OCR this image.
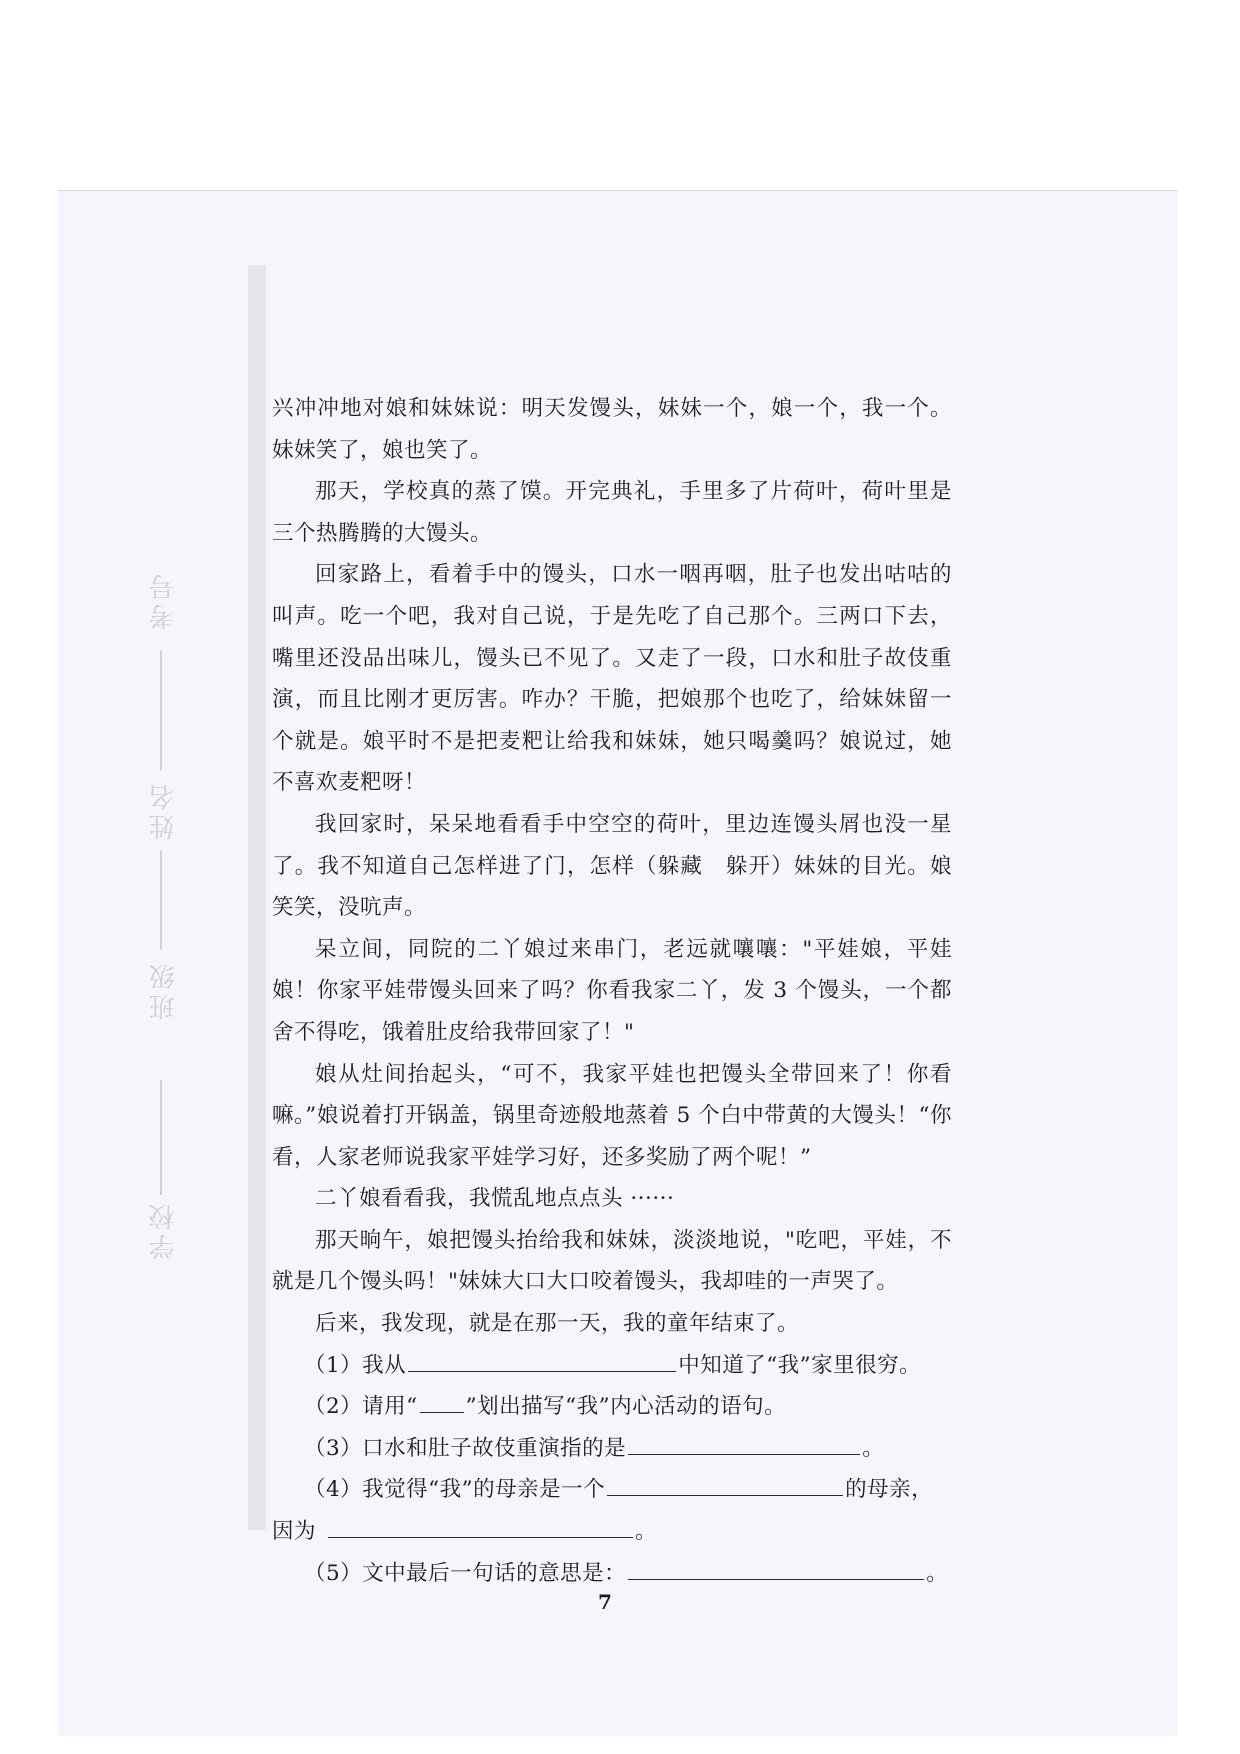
学校
班级
姓名
考号

兴冲冲地对娘和妹妹说：明天发馒头，妹妹一个，娘一个，我一个。妹妹笑了，娘也笑了。

那天，学校真的蒸了馍。开完典礼，手里多了片荷叶，荷叶里是三个热腾腾的大馒头。

回家路上，看着手中的馒头，口水一咽再咽，肚子也发出咕咕的叫声。吃一个吧，我对自己说，于是先吃了自己那个。三两口下去，嘴里还没品出味儿，馒头已不见了。又走了一段，口水和肚子故伎重演，而且比刚才更厉害。咋办？干脆，把娘那个也吃了，给妹妹留一个就是。娘平时不是把麦粑让给我和妹妹，她只喝羹吗？娘说过，她不喜欢麦粑呀！

我回家时，呆呆地看看手中空空的荷叶，里边连馒头屑也没一星了。我不知道自己怎样进了门，怎样（躲藏　躲开）妹妹的目光。娘笑笑，没吭声。

呆立间，同院的二丫娘过来串门，老远就嚷嚷："平娃娘，平娃娘！你家平娃带馒头回来了吗？你看我家二丫，发 3 个馒头，一个都舍不得吃，饿着肚皮给我带回家了！"

娘从灶间抬起头，“可不，我家平娃也把馒头全带回来了！你看嘛。”娘说着打开锅盖，锅里奇迹般地蒸着 5 个白中带黄的大馒头！“你看，人家老师说我家平娃学习好，还多奖励了两个呢！”

二丫娘看看我，我慌乱地点点头 ······

那天晌午，娘把馒头抬给我和妹妹，淡淡地说，"吃吧，平娃，不就是几个馒头吗！"妹妹大口大口咬着馒头，我却哇的一声哭了。

后来，我发现，就是在那一天，我的童年结束了。

（1）我从	中知道了“我”家里很穷。

（2）请用“ ”划出描写“我”内心活动的语句。

（3）口水和肚子故伎重演指的是	。

（4）我觉得“我”的母亲是一个	的母亲，

因为	。

（5）文中最后一句话的意思是：	。

7
